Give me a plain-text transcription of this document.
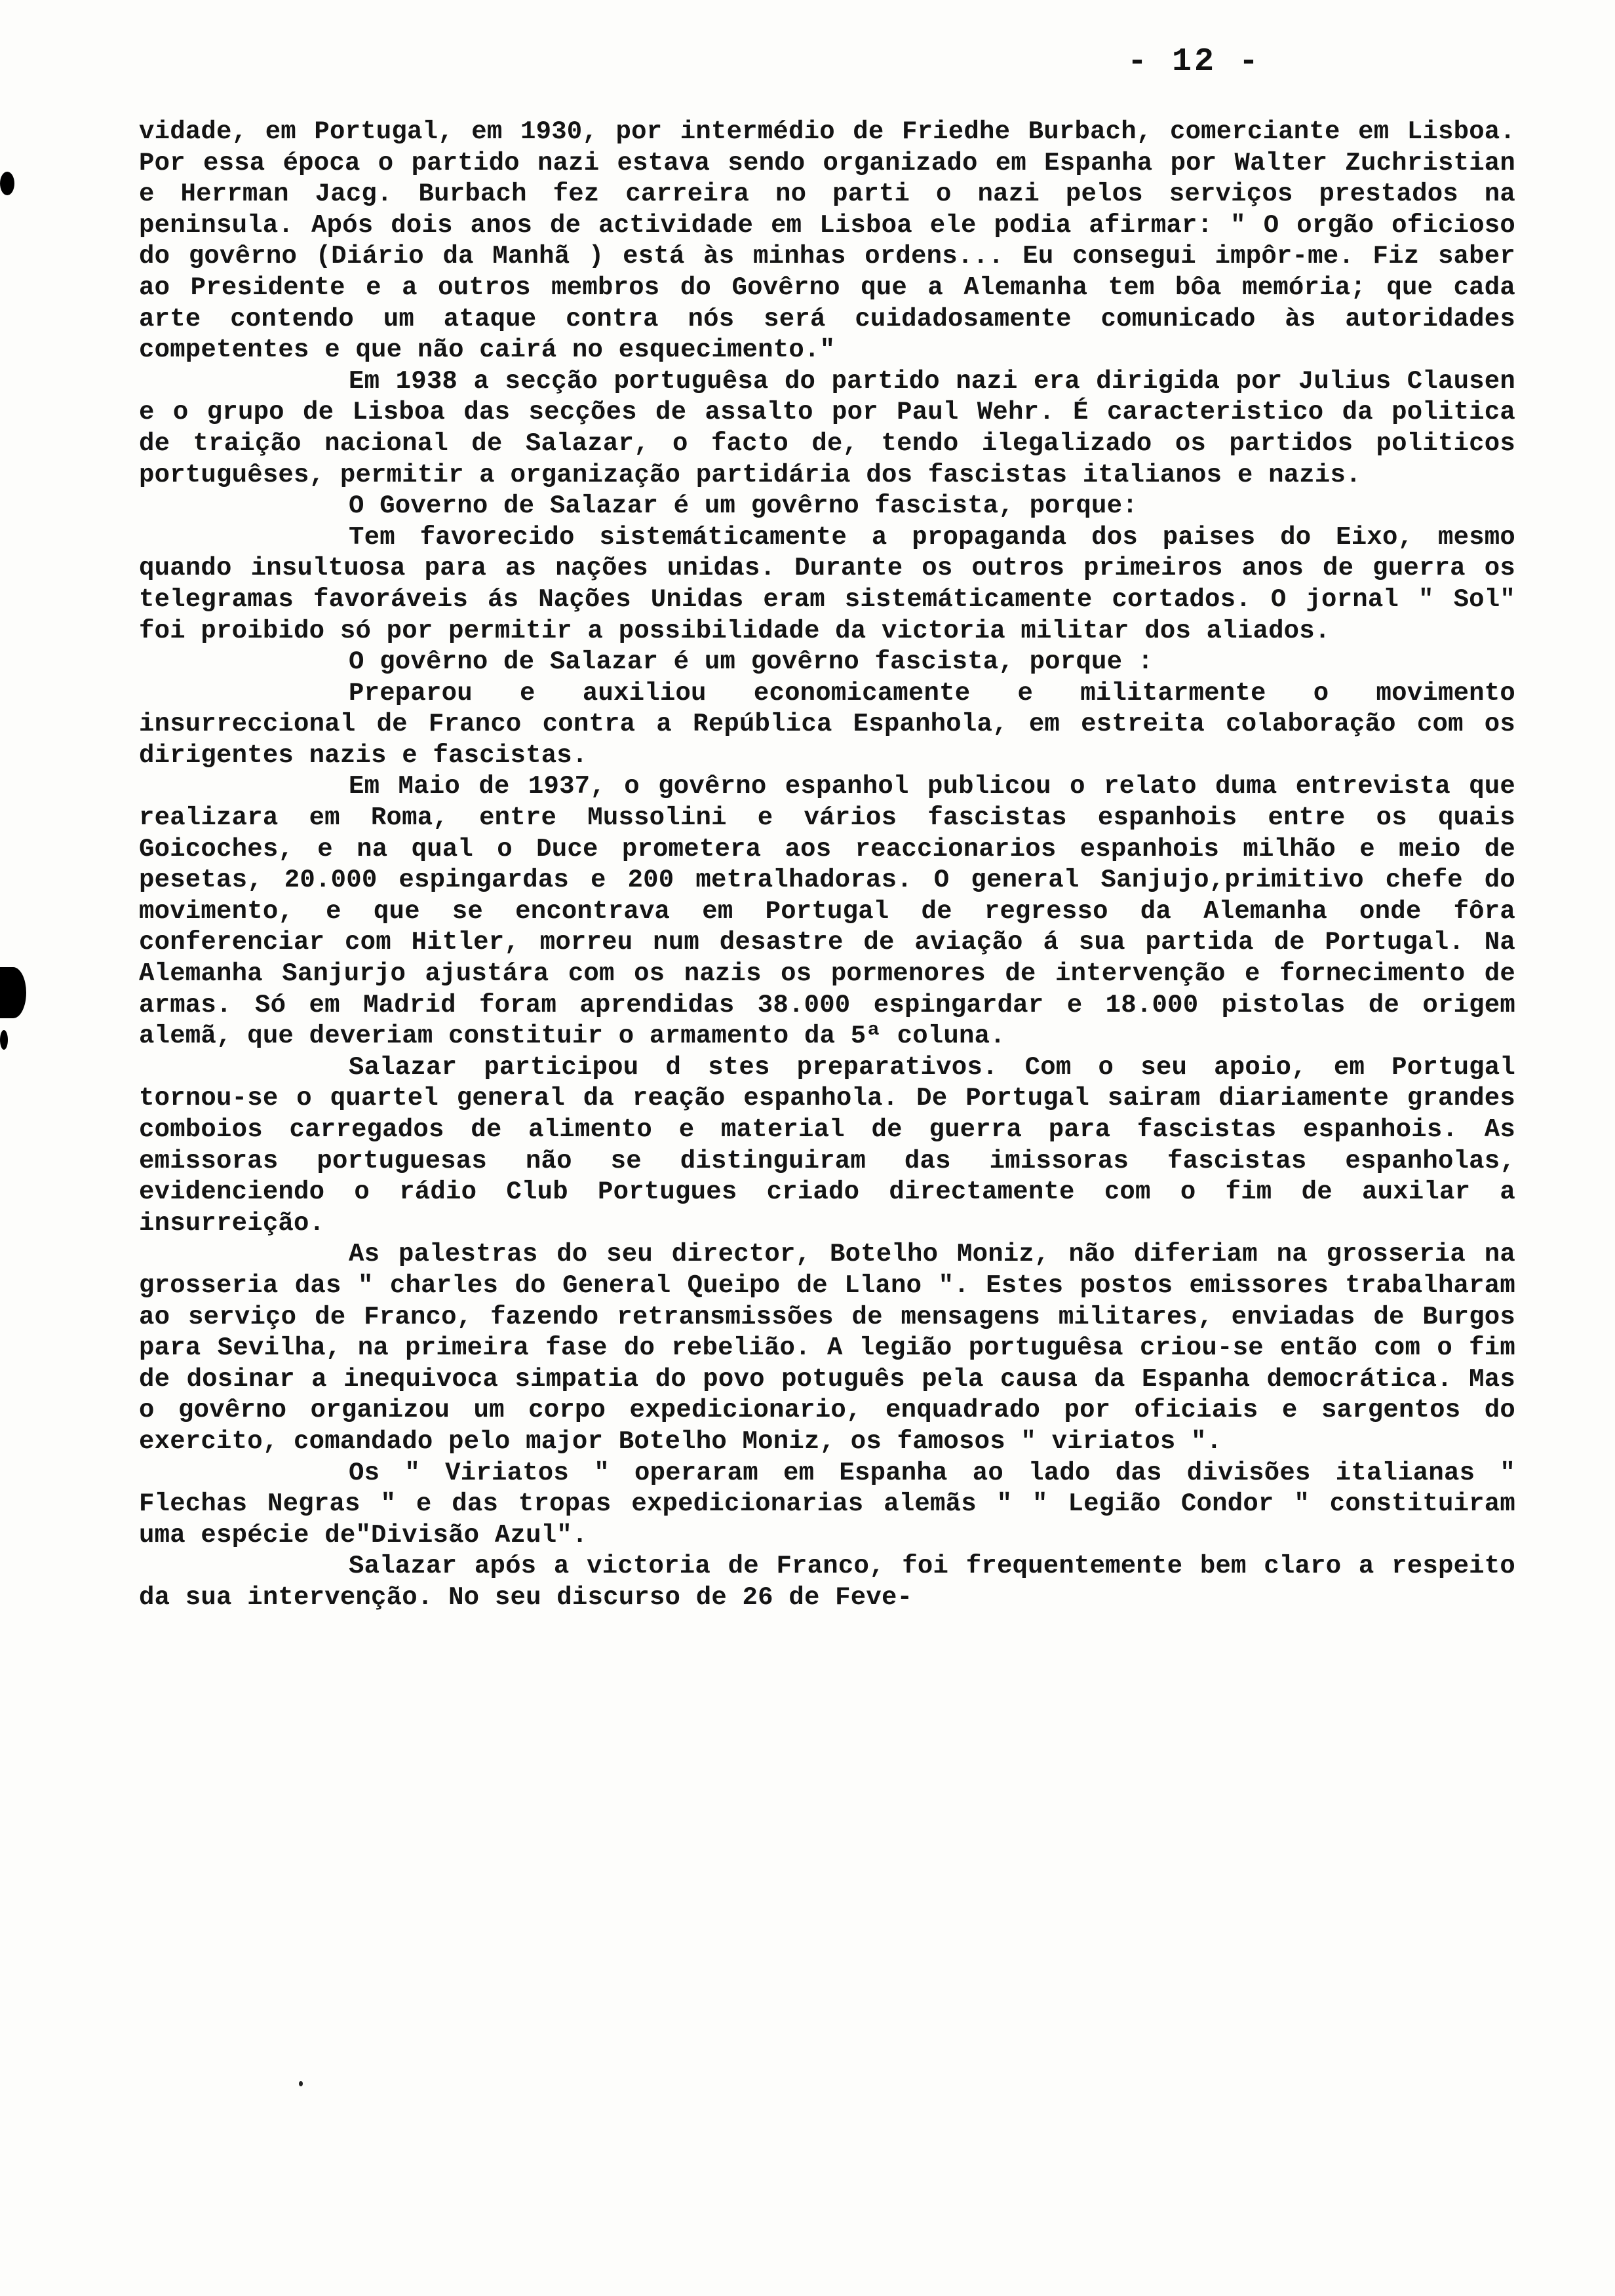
- 12 -

vidade, em Portugal, em 1930, por intermédio de Friedhe Burbach, comerciante em Lisboa. Por essa época o partido nazi estava sendo organizado em Espanha por Walter Zuchristian e Herrman Jacg. Burbach fez carreira no parti o nazi pelos serviços prestados na peninsula. Após dois anos de actividade em Lisboa ele podia afirmar: " O orgão oficioso do govêrno (Diário da Manhã ) está às minhas ordens... Eu consegui impôr-me. Fiz saber ao Presidente e a outros membros do Govêrno que a Alemanha tem bôa memória; que cada arte contendo um ataque contra nós será cuidadosamente comunicado às autoridades competentes e que não cairá no esquecimento."

Em 1938 a secção portuguêsa do partido nazi era dirigida por Julius Clausen e o grupo de Lisboa das secções de assalto por Paul Wehr. É caracteristico da politica de traição nacional de Salazar, o facto de, tendo ilegalizado os partidos politicos portuguêses, permitir a organização partidária dos fascistas italianos e nazis.

O Governo de Salazar é um govêrno fascista, porque:

Tem favorecido sistemáticamente a propaganda dos paises do Eixo, mesmo quando insultuosa para as nações unidas. Durante os outros primeiros anos de guerra os telegramas favoráveis ás Nações Unidas eram sistemáticamente cortados. O jornal " Sol" foi proibido só por permitir a possibilidade da victoria militar dos aliados.

O govêrno de Salazar é um govêrno fascista, porque :

Preparou e auxiliou economicamente e militarmente o movimento insurreccional de Franco contra a República Espanhola, em estreita colaboração com os dirigentes nazis e fascistas.

Em Maio de 1937, o govêrno espanhol publicou o relato duma entrevista que realizara em Roma, entre Mussolini e vários fascistas espanhois entre os quais Goicoches, e na qual o Duce prometera aos reaccionarios espanhois milhão e meio de pesetas, 20.000 espingardas e 200 metralhadoras. O general Sanjujo,primitivo chefe do movimento, e que se encontrava em Portugal de regresso da Alemanha onde fôra conferenciar com Hitler, morreu num desastre de aviação á sua partida de Portugal. Na Alemanha Sanjurjo ajustára com os nazis os pormenores de intervenção e fornecimento de armas. Só em Madrid foram aprendidas 38.000 espingardar e 18.000 pistolas de origem alemã, que deveriam constituir o armamento da 5ª coluna.

Salazar participou d stes preparativos. Com o seu apoio, em Portugal tornou-se o quartel general da reação espanhola. De Portugal sairam diariamente grandes comboios carregados de alimento e material de guerra para fascistas espanhois. As emissoras portuguesas não se distinguiram das imissoras fascistas espanholas, evidenciendo o rádio Club Portugues criado directamente com o fim de auxilar a insurreição.

As palestras do seu director, Botelho Moniz, não diferiam na grosseria na grosseria das " charles do General Queipo de Llano ". Estes postos emissores trabalharam ao serviço de Franco, fazendo retransmissões de mensagens militares, enviadas de Burgos para Sevilha, na primeira fase do rebelião. A legião portuguêsa criou-se então com o fim de dosinar a inequivoca simpatia do povo potuguês pela causa da Espanha democrática. Mas o govêrno organizou um corpo expedicionario, enquadrado por oficiais e sargentos do exercito, comandado pelo major Botelho Moniz, os famosos " viriatos ".

Os " Viriatos " operaram em Espanha ao lado das divisões italianas " Flechas Negras " e das tropas expedicionarias alemãs " " Legião Condor " constituiram uma espécie de"Divisão Azul".

Salazar após a victoria de Franco, foi frequentemente bem claro a respeito da sua intervenção. No seu discurso de 26 de Feve-
